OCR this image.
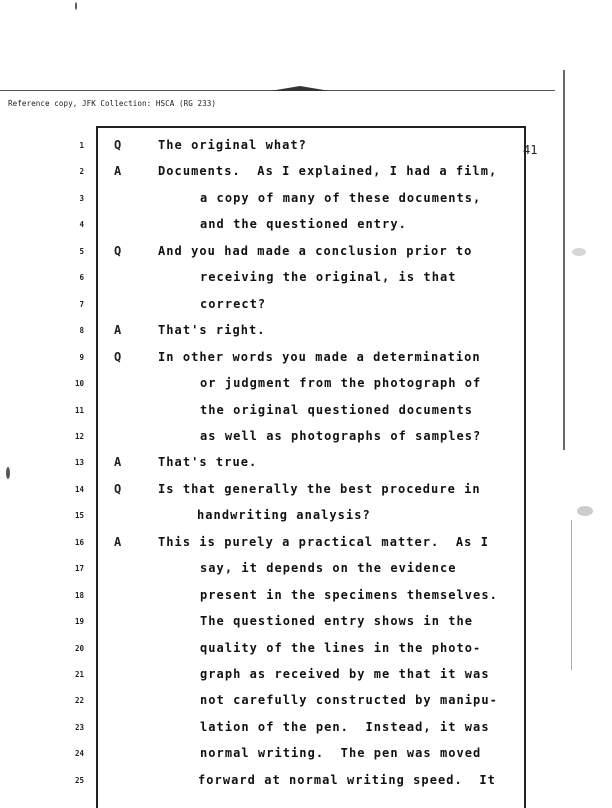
Reference copy, JFK Collection: HSCA (RG 233)
41
1	Q	The original what?
2	A	Documents.  As I explained, I had a film,
3	a copy of many of these documents,
4	and the questioned entry.
5	Q	And you had made a conclusion prior to
6	receiving the original, is that
7	correct?
8	A	That's right.
9	Q	In other words you made a determination
10	or judgment from the photograph of
11	the original questioned documents
12	as well as photographs of samples?
13	A	That's true.
14	Q	Is that generally the best procedure in
15	handwriting analysis?
16	A	This is purely a practical matter.  As I
17	say, it depends on the evidence
18	present in the specimens themselves.
19	The questioned entry shows in the
20	quality of the lines in the photo-
21	graph as received by me that it was
22	not carefully constructed by manipu-
23	lation of the pen.  Instead, it was
24	normal writing.  The pen was moved
25	forward at normal writing speed.  It
